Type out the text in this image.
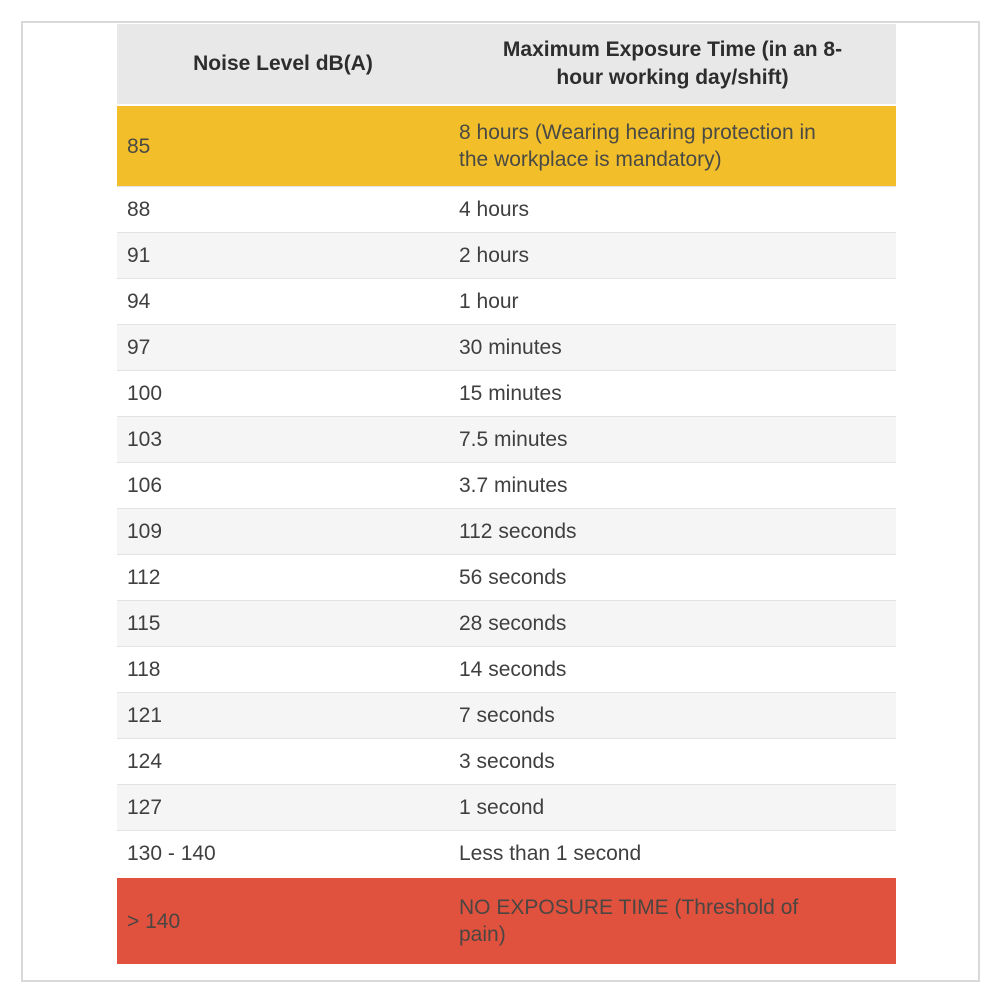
Noise Level dB(A)	Maximum Exposure Time (in an 8-hour working day/shift)
85	8 hours (Wearing hearing protection in the workplace is mandatory)
88	4 hours
91	2 hours
94	1 hour
97	30 minutes
100	15 minutes
103	7.5 minutes
106	3.7 minutes
109	112 seconds
112	56 seconds
115	28 seconds
118	14 seconds
121	7 seconds
124	3 seconds
127	1 second
130 - 140	Less than 1 second
> 140	NO EXPOSURE TIME (Threshold of pain)
